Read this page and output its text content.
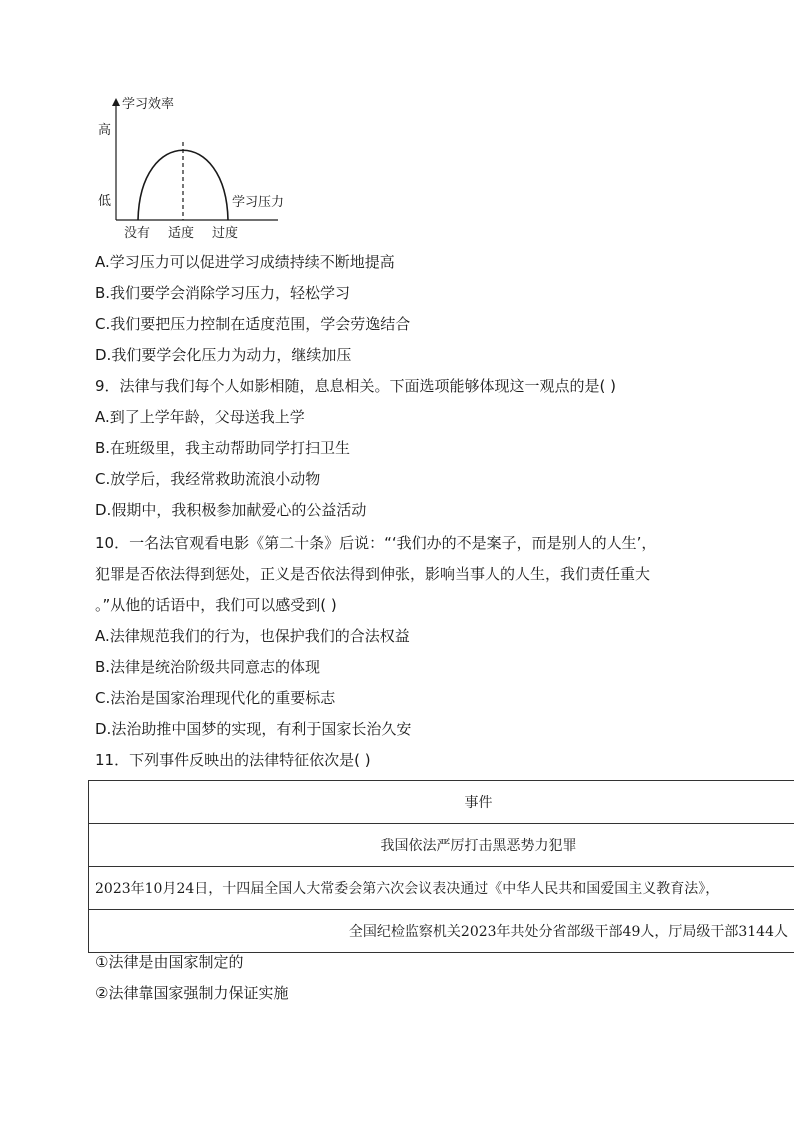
学习效率
学习压力
高
低
没有 适度 过度
A.学习压力可以促进学习成绩持续不断地提高
B.我们要学会消除学习压力，轻松学习
C.我们要把压力控制在适度范围，学会劳逸结合
D.我们要学会化压力为动力，继续加压
9．法律与我们每个人如影相随，息息相关。下面选项能够体现这一观点的是( )
A.到了上学年龄，父母送我上学
B.在班级里，我主动帮助同学打扫卫生
C.放学后，我经常救助流浪小动物
D.假期中，我积极参加献爱心的公益活动
10．一名法官观看电影《第二十条》后说：“‘我们办的不是案子，而是别人的人生’，
犯罪是否依法得到惩处，正义是否依法得到伸张，影响当事人的人生，我们责任重大
。”从他的话语中，我们可以感受到( )
A.法律规范我们的行为，也保护我们的合法权益
B.法律是统治阶级共同意志的体现
C.法治是国家治理现代化的重要标志
D.法治助推中国梦的实现，有利于国家长治久安
11．下列事件反映出的法律特征依次是( )
事件
我国依法严厉打击黑恶势力犯罪
2023年10月24日，十四届全国人大常委会第六次会议表决通过《中华人民共和国爱国主义教育法》，
全国纪检监察机关2023年共处分省部级干部49人，厅局级干部3144人
①法律是由国家制定的
②法律靠国家强制力保证实施
